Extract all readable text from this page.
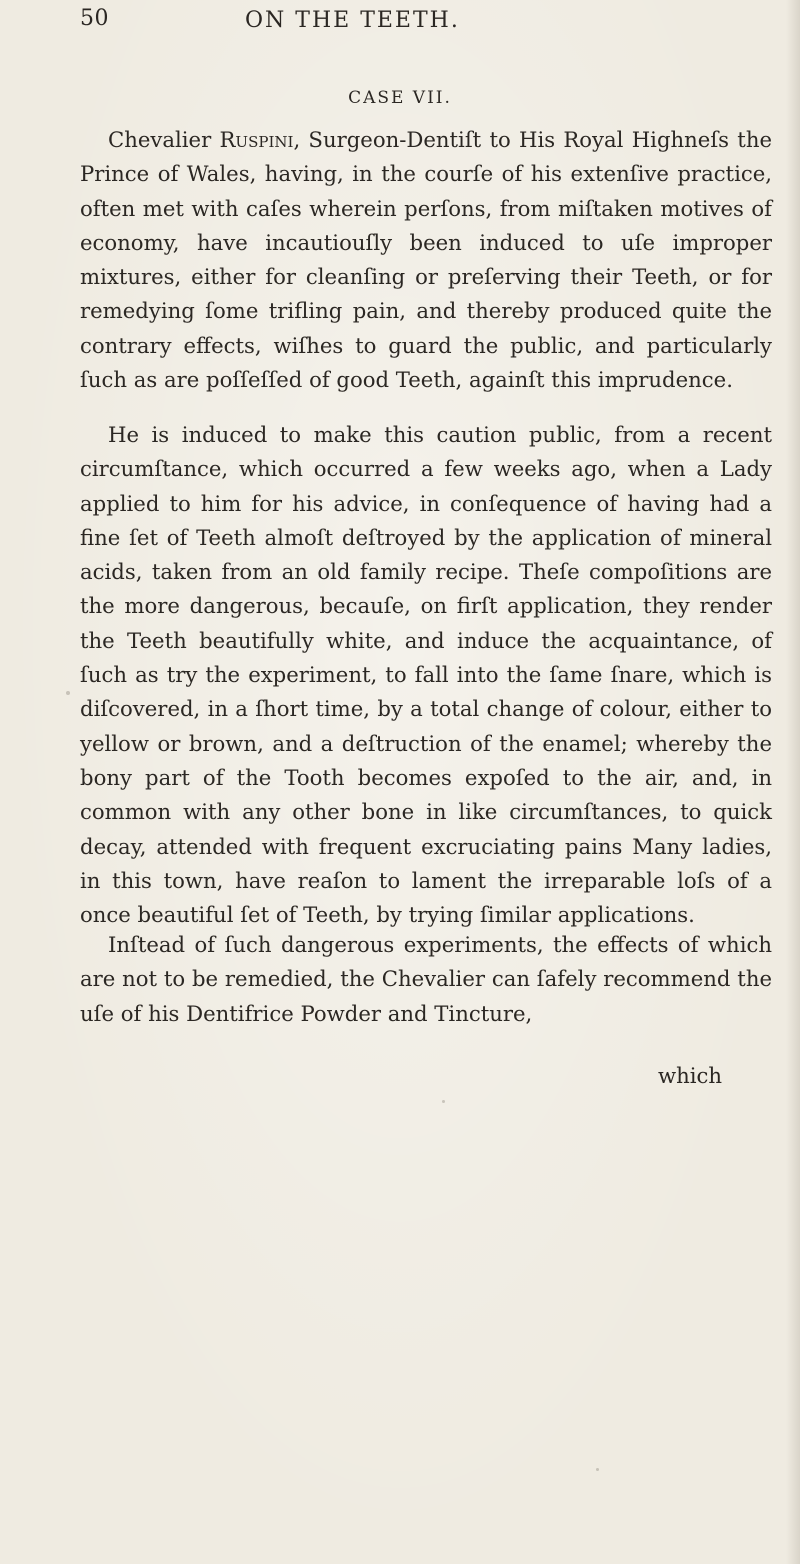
50	ON THE TEETH.
CASE VII.

Chevalier Ruspini, Surgeon-Dentiſt to His Royal Highneſs the Prince of Wales, having, in the courſe of his extenſive practice, often met with caſes wherein perſons, from miſtaken motives of economy, have incautiouſly been induced to uſe improper mixtures, either for cleanſing or preſerving their Teeth, or for remedying ſome trifling pain, and thereby produced quite the contrary effects, wiſhes to guard the public, and particularly ſuch as are poſſeſſed of good Teeth, againſt this imprudence.

He is induced to make this caution public, from a recent circumſtance, which occurred a few weeks ago, when a Lady applied to him for his advice, in conſequence of having had a fine ſet of Teeth almoſt deſtroyed by the application of mineral acids, taken from an old family recipe. Theſe compoſitions are the more dangerous, becauſe, on firſt application, they render the Teeth beautifully white, and induce the acquaintance, of ſuch as try the experiment, to fall into the ſame ſnare, which is diſcovered, in a ſhort time, by a total change of colour, either to yellow or brown, and a deſtruction of the enamel; whereby the bony part of the Tooth becomes expoſed to the air, and, in common with any other bone in like circumſtances, to quick decay, attended with frequent excruciating pains Many ladies, in this town, have reaſon to lament the irreparable loſs of a once beautiful ſet of Teeth, by trying ſimilar applications.

Inſtead of ſuch dangerous experiments, the effects of which are not to be remedied, the Chevalier can ſafely recommend the uſe of his Dentifrice Powder and Tincture,

which
